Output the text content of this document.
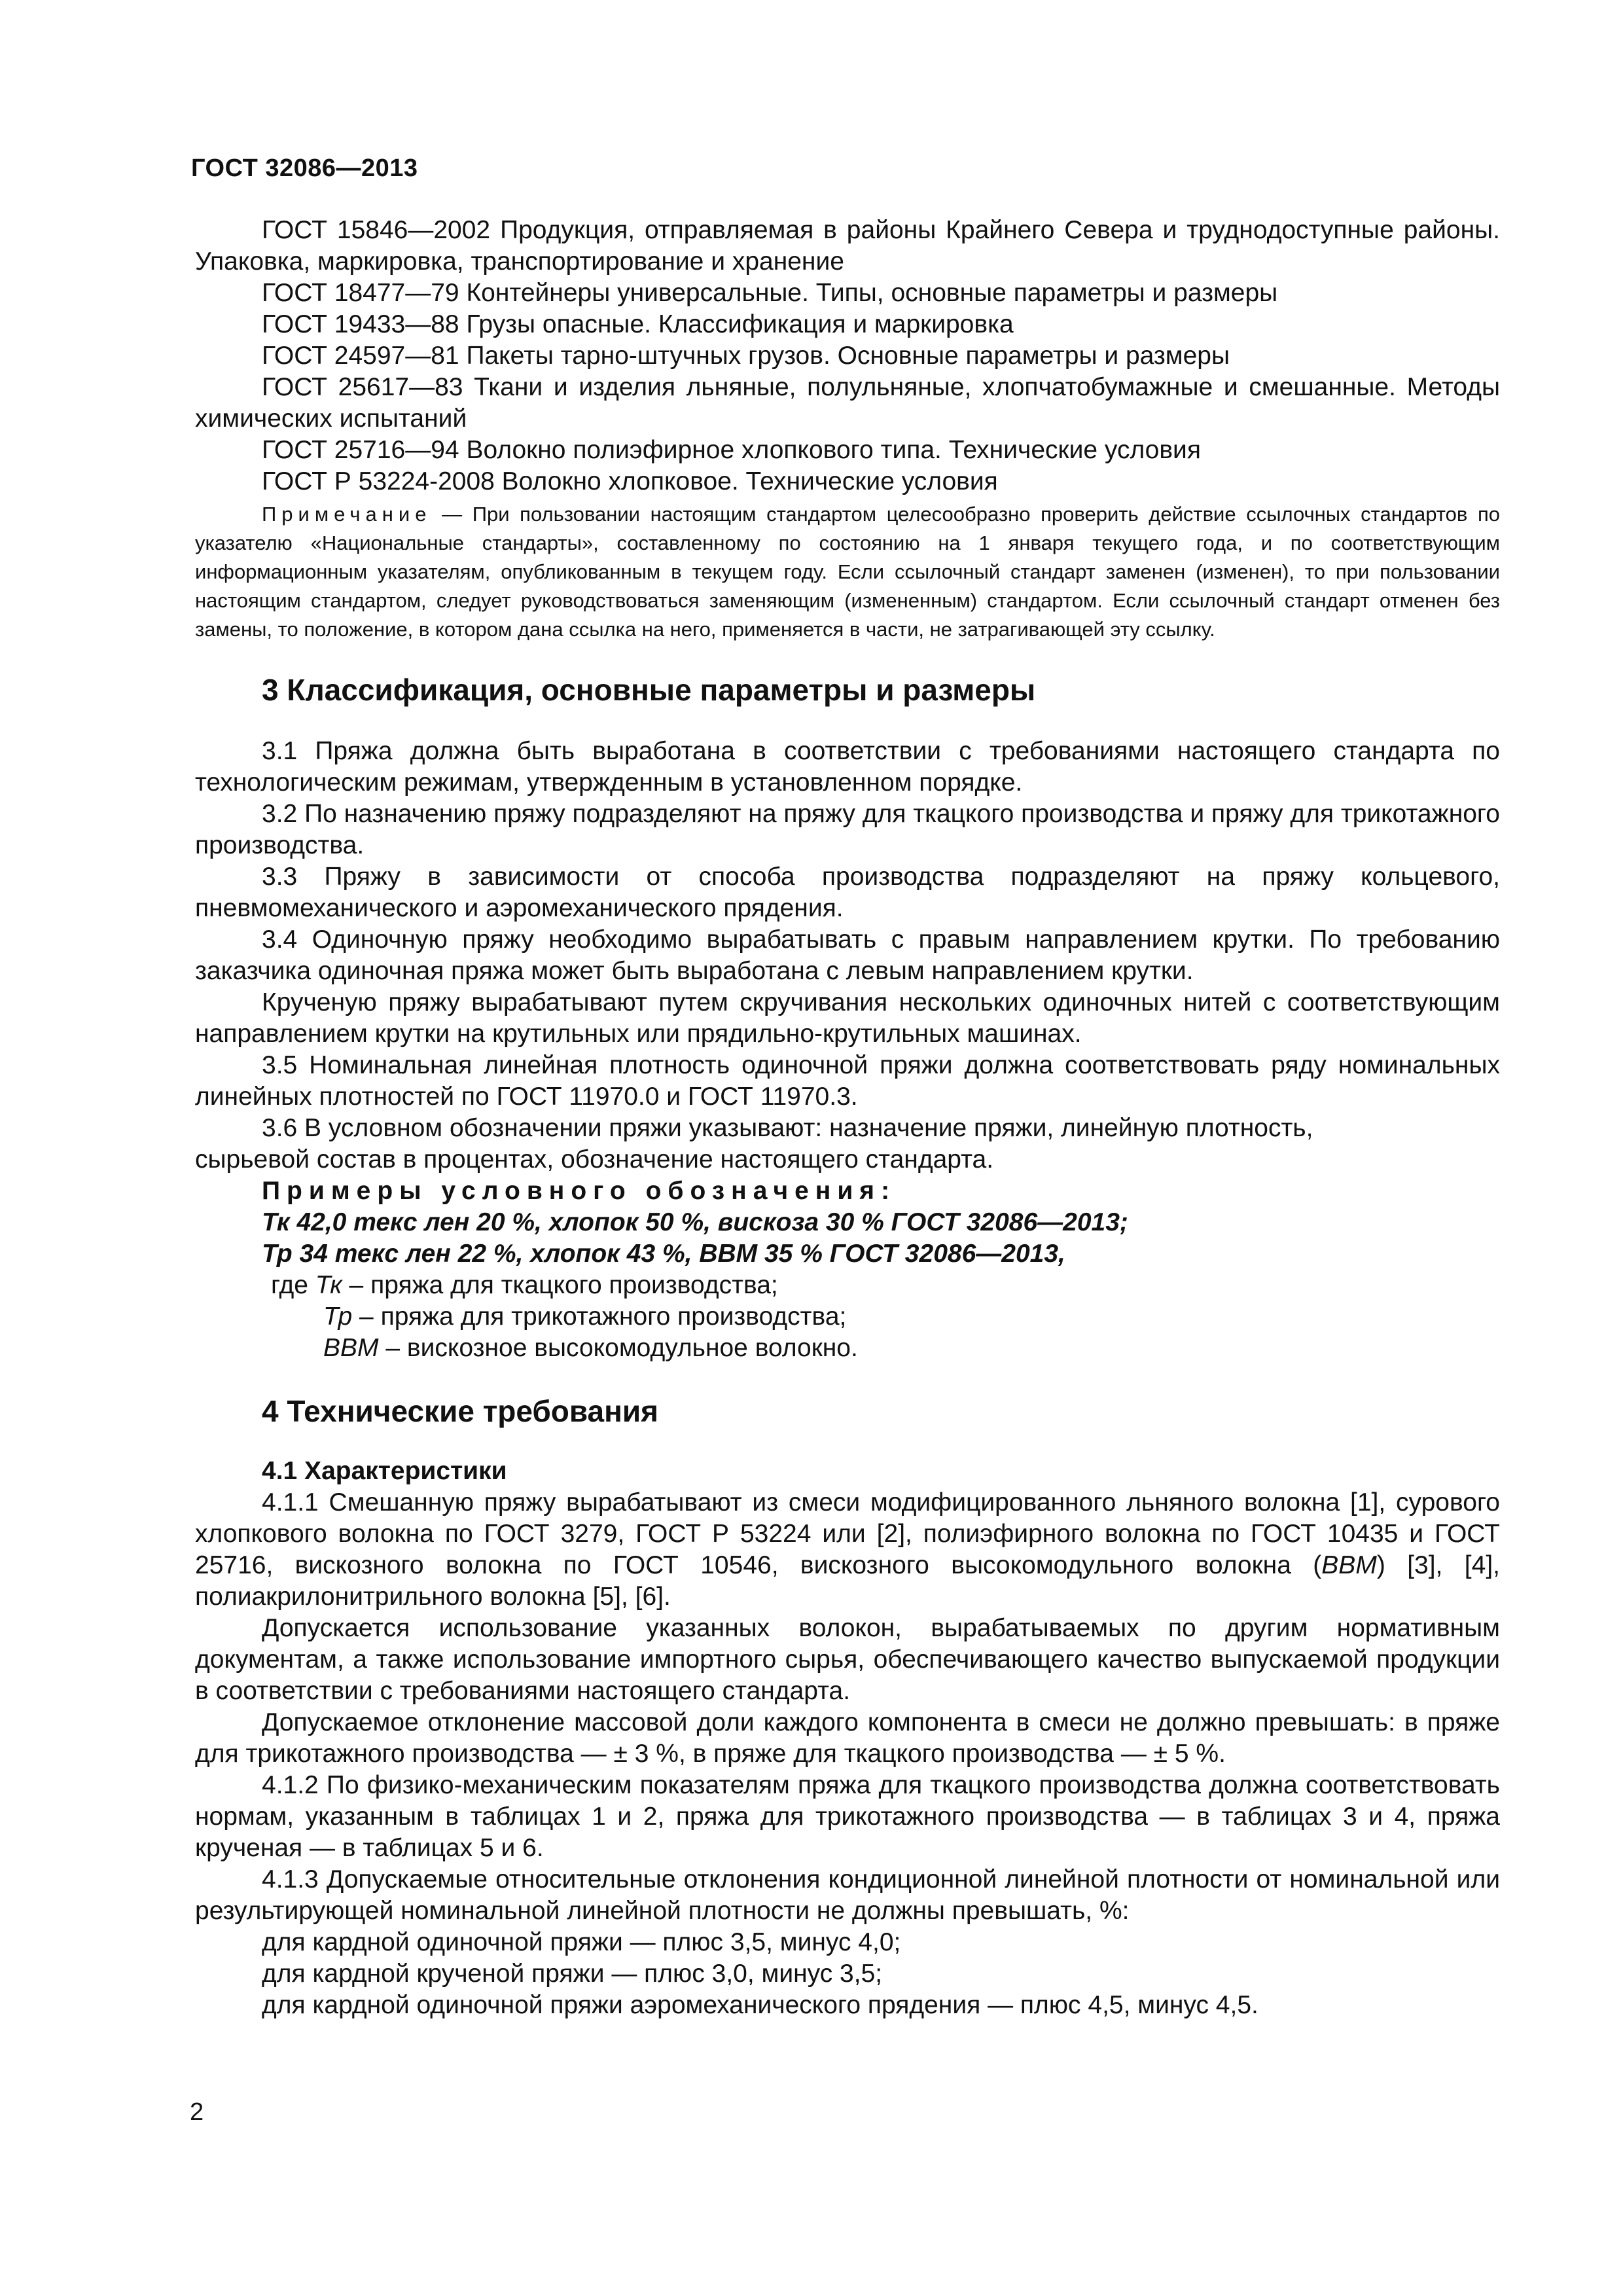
ГОСТ 32086—2013

ГОСТ 15846—2002 Продукция, отправляемая в районы Крайнего Севера и труднодоступные районы. Упаковка, маркировка, транспортирование и хранение

ГОСТ 18477—79 Контейнеры универсальные. Типы, основные параметры и размеры

ГОСТ 19433—88 Грузы опасные. Классификация и маркировка

ГОСТ 24597—81 Пакеты тарно-штучных грузов. Основные параметры и размеры

ГОСТ 25617—83 Ткани и изделия льняные, полульняные, хлопчатобумажные и смешанные. Методы химических испытаний

ГОСТ 25716—94 Волокно полиэфирное хлопкового типа. Технические условия

ГОСТ Р 53224-2008 Волокно хлопковое. Технические условия

Примечание — При пользовании настоящим стандартом целесообразно проверить действие ссылочных стандартов по указателю «Национальные стандарты», составленному по состоянию на 1 января текущего года, и по соответствующим информационным указателям, опубликованным в текущем году. Если ссылочный стандарт заменен (изменен), то при пользовании настоящим стандартом, следует руководствоваться заменяющим (измененным) стандартом. Если ссылочный стандарт отменен без замены, то положение, в котором дана ссылка на него, применяется в части, не затрагивающей эту ссылку.

3 Классификация, основные параметры и размеры

3.1 Пряжа должна быть выработана в соответствии с требованиями настоящего стандарта по технологическим режимам, утвержденным в установленном порядке.

3.2 По назначению пряжу подразделяют на пряжу для ткацкого производства и пряжу для трикотажного производства.

3.3 Пряжу в зависимости от способа производства подразделяют на пряжу кольцевого, пневмомеханического и аэромеханического прядения.

3.4 Одиночную пряжу необходимо вырабатывать с правым направлением крутки. По требованию заказчика одиночная пряжа может быть выработана с левым направлением крутки.

Крученую пряжу вырабатывают путем скручивания нескольких одиночных нитей с соответствующим направлением крутки на крутильных или прядильно-крутильных машинах.

3.5 Номинальная линейная плотность одиночной пряжи должна соответствовать ряду номинальных линейных плотностей по ГОСТ 11970.0 и ГОСТ 11970.3.

3.6 В условном обозначении пряжи указывают: назначение пряжи, линейную плотность,

сырьевой состав в процентах, обозначение настоящего стандарта.

Примеры условного обозначения:

Тк 42,0 текс лен 20 %, хлопок 50 %, вискоза 30 % ГОСТ 32086—2013;

Тр 34 текс лен 22 %, хлопок 43 %, ВВМ 35 % ГОСТ 32086—2013,

где Тк – пряжа для ткацкого производства;

Тр – пряжа для трикотажного производства;

ВВМ – вискозное высокомодульное волокно.

4 Технические требования

4.1 Характеристики

4.1.1 Смешанную пряжу вырабатывают из смеси модифицированного льняного волокна [1], сурового хлопкового волокна по ГОСТ 3279, ГОСТ Р 53224 или [2], полиэфирного волокна по ГОСТ 10435 и ГОСТ 25716, вискозного волокна по ГОСТ 10546, вискозного высокомодульного волокна (ВВМ) [3], [4], полиакрилонитрильного волокна [5], [6].

Допускается использование указанных волокон, вырабатываемых по другим нормативным документам, а также использование импортного сырья, обеспечивающего качество выпускаемой продукции в соответствии с требованиями настоящего стандарта.

Допускаемое отклонение массовой доли каждого компонента в смеси не должно превышать: в пряже для трикотажного производства — ± 3 %, в пряже для ткацкого производства — ± 5 %.

4.1.2 По физико-механическим показателям пряжа для ткацкого производства должна соответствовать нормам, указанным в таблицах 1 и 2, пряжа для трикотажного производства — в таблицах 3 и 4, пряжа крученая — в таблицах 5 и 6.

4.1.3 Допускаемые относительные отклонения кондиционной линейной плотности от номинальной или результирующей номинальной линейной плотности не должны превышать, %:

для кардной одиночной пряжи — плюс 3,5, минус 4,0;

для кардной крученой пряжи — плюс 3,0, минус 3,5;

для кардной одиночной пряжи аэромеханического прядения — плюс 4,5, минус 4,5.

2
